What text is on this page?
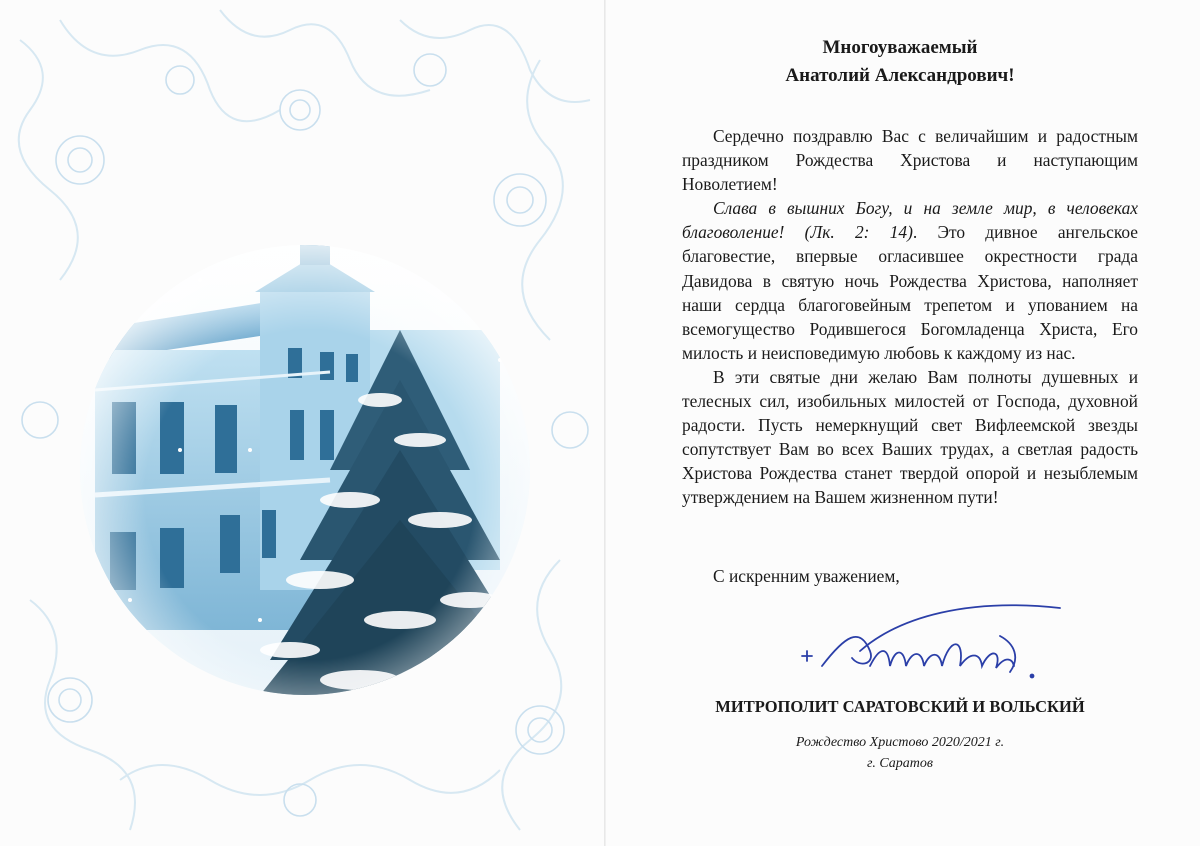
Многоуважаемый
Анатолий Александрович!

Сердечно поздравлю Вас с величайшим и радостным праздником Рождества Христова и наступающим Новолетием!

Слава в вышних Богу, и на земле мир, в человеках благоволение! (Лк. 2: 14). Это дивное ангельское благовестие, впервые огласившее окрестности града Давидова в святую ночь Рождества Христова, наполняет наши сердца благоговейным трепетом и упованием на всемогущество Родившегося Богомладенца Христа, Его милость и неисповедимую любовь к каждому из нас.

В эти святые дни желаю Вам полноты душевных и телесных сил, изобильных милостей от Господа, духовной радости. Пусть немеркнущий свет Вифлеемской звезды сопутствует Вам во всех Ваших трудах, а светлая радость Христова Рождества станет твердой опорой и незыблемым утверждением на Вашем жизненном пути!

С искренним уважением,
МИТРОПОЛИТ САРАТОВСКИЙ И ВОЛЬСКИЙ
Рождество Христово 2020/2021 г.
г. Саратов
